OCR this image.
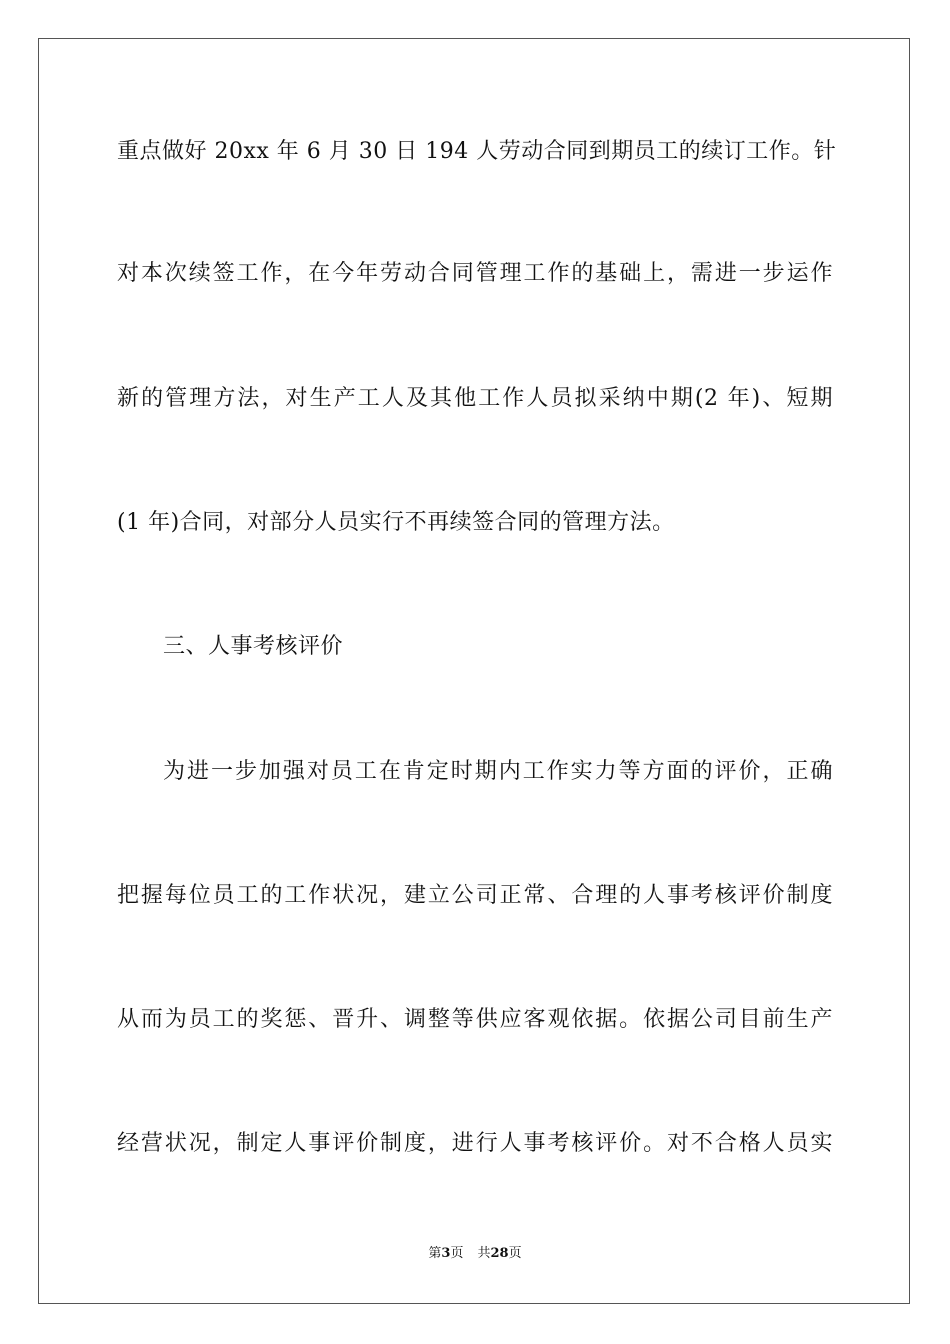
重点做好 20xx 年 6 月 30 日 194 人劳动合同到期员工的续订工作。针
对本次续签工作，在今年劳动合同管理工作的基础上，需进一步运作
新的管理方法，对生产工人及其他工作人员拟采纳中期(2 年)、短期
(1 年)合同，对部分人员实行不再续签合同的管理方法。
三、人事考核评价
为进一步加强对员工在肯定时期内工作实力等方面的评价，正确
把握每位员工的工作状况，建立公司正常、合理的人事考核评价制度
从而为员工的奖惩、晋升、调整等供应客观依据。依据公司目前生产
经营状况，制定人事评价制度，进行人事考核评价。对不合格人员实
第3页 共28页
